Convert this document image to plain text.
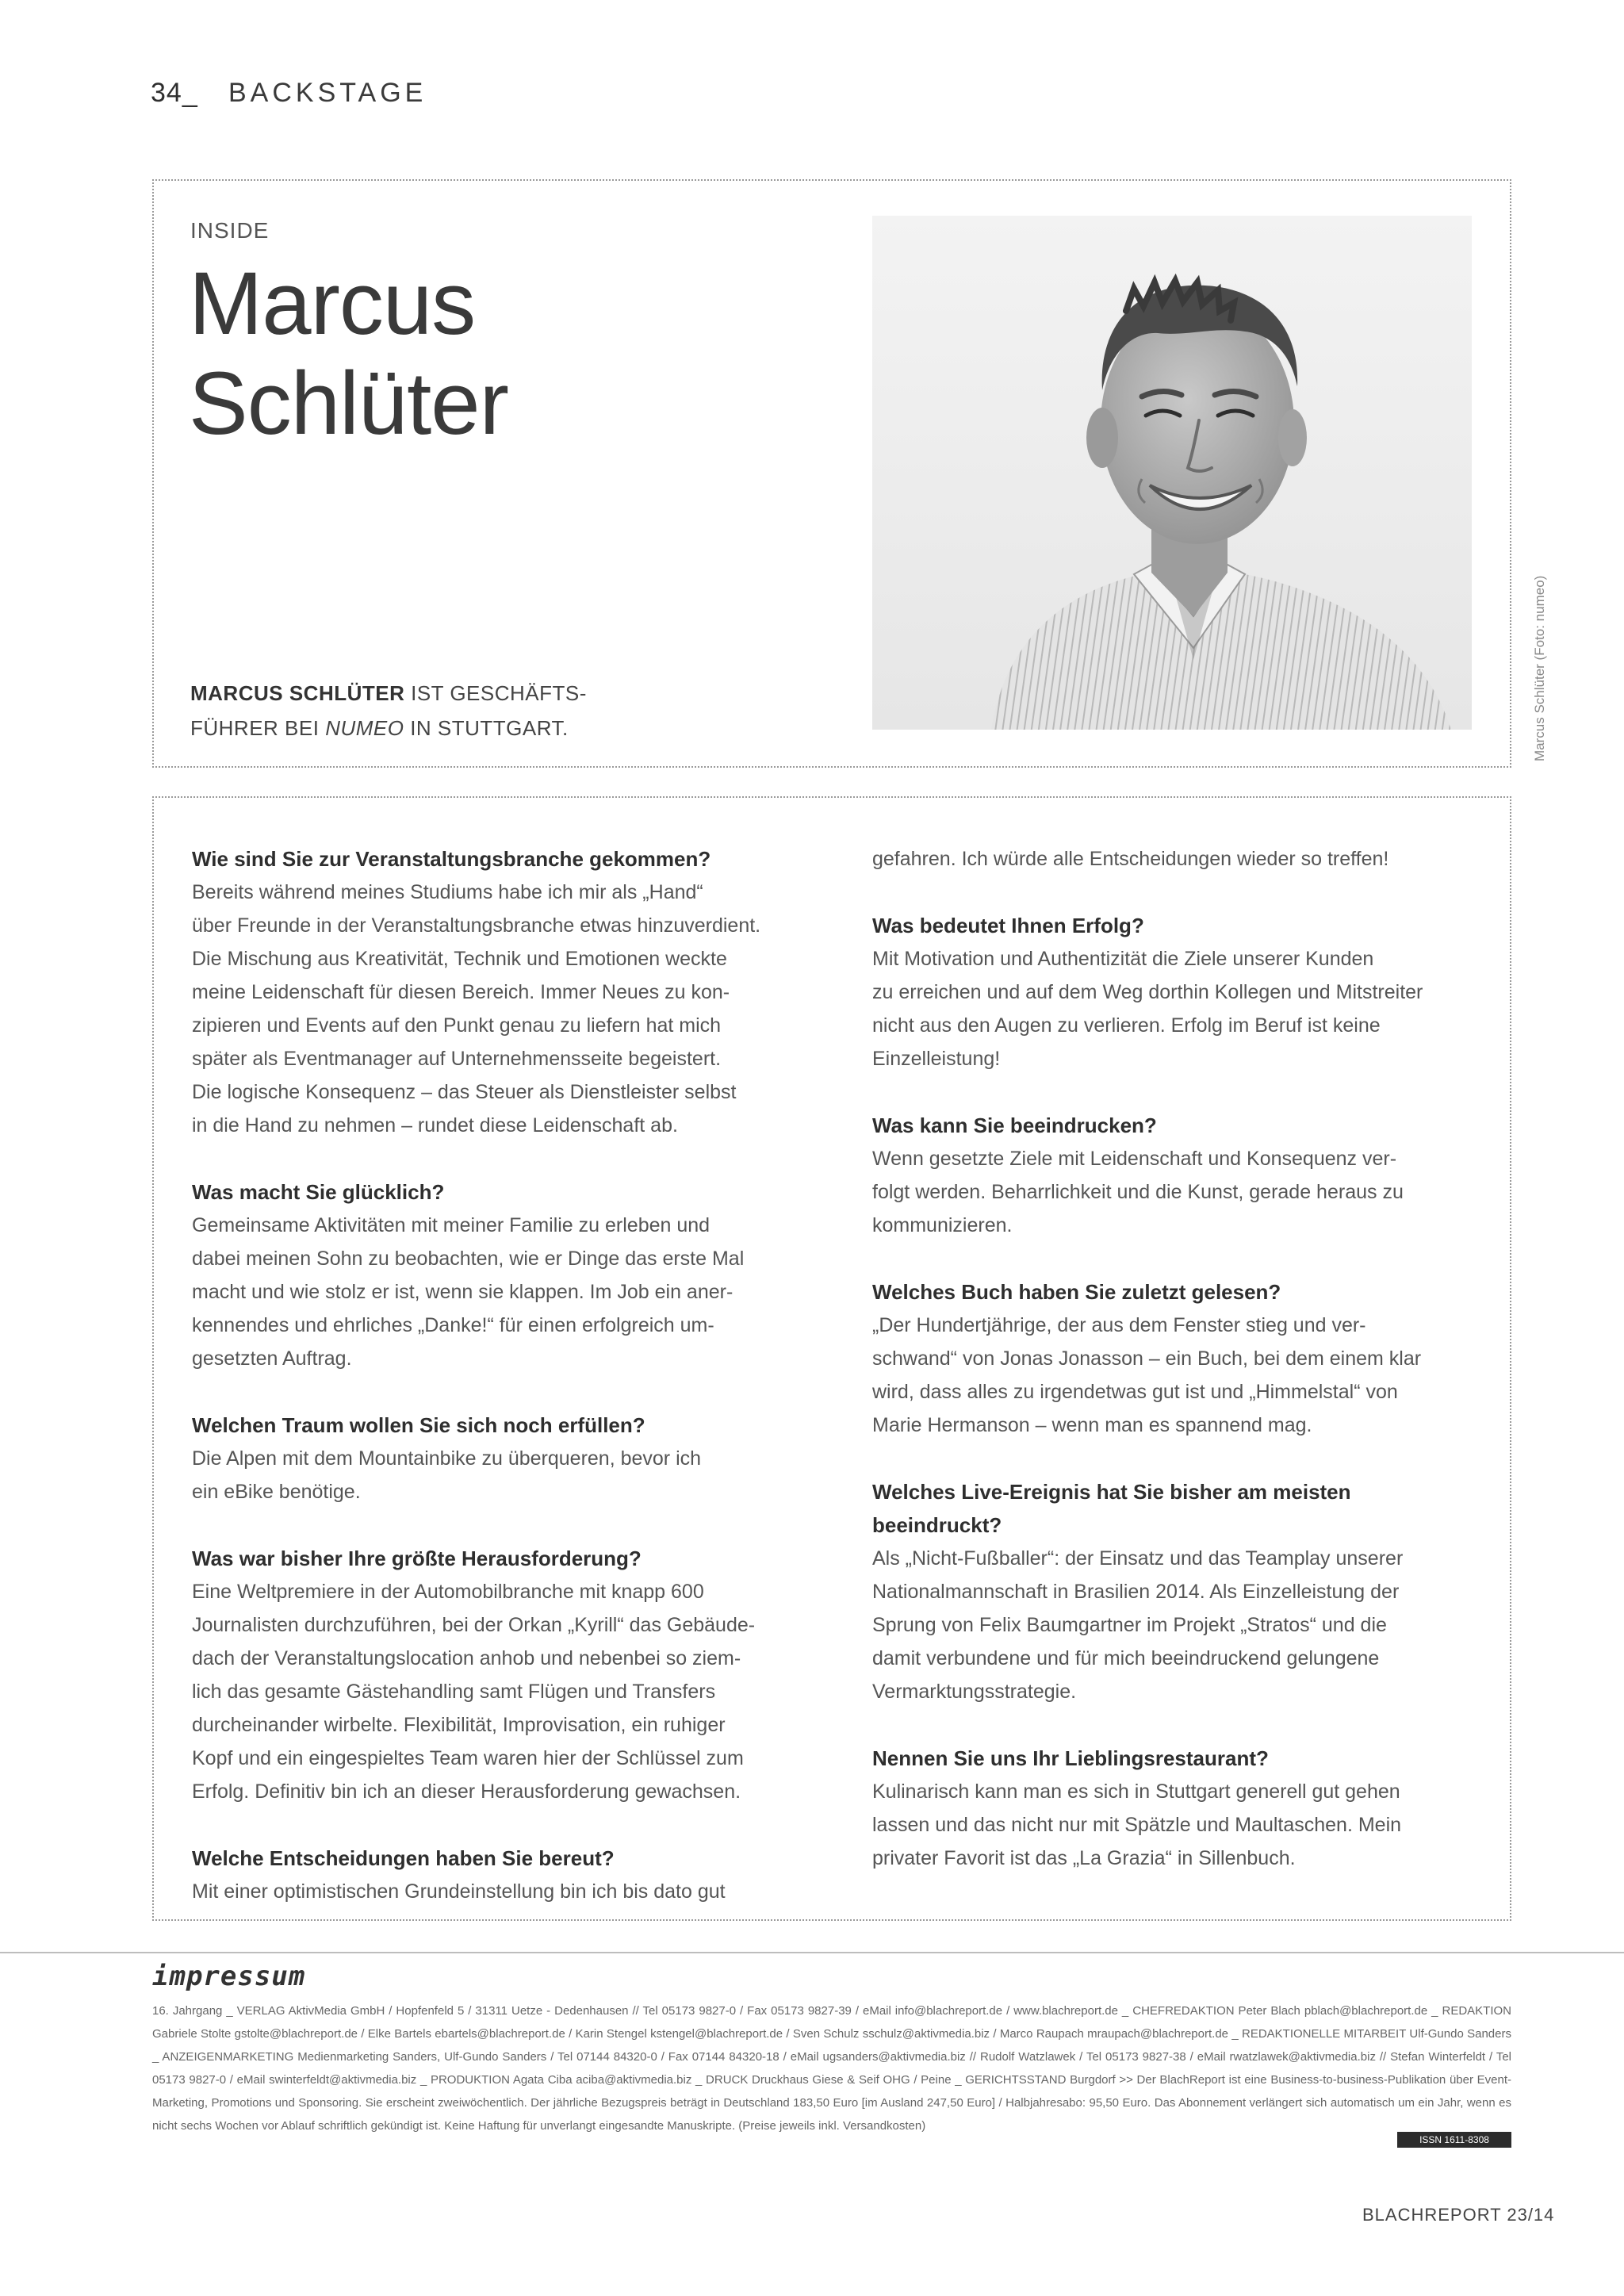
34_ BACKSTAGE
INSIDE
Marcus
Schlüter
MARCUS SCHLÜTER IST GESCHÄFTS-
FÜHRER BEI NUMEO IN STUTTGART.	Marcus Schlüter (Foto: numeo)
Wie sind Sie zur Veranstaltungsbranche gekommen?
Bereits während meines Studiums habe ich mir als „Hand“
über Freunde in der Veranstaltungsbranche etwas hinzuverdient.
Die Mischung aus Kreativität, Technik und Emotionen weckte
meine Leidenschaft für diesen Bereich. Immer Neues zu kon-
zipieren und Events auf den Punkt genau zu liefern hat mich
später als Eventmanager auf Unternehmensseite begeistert.
Die logische Konsequenz – das Steuer als Dienstleister selbst
in die Hand zu nehmen – rundet diese Leidenschaft ab.
Was macht Sie glücklich?
Gemeinsame Aktivitäten mit meiner Familie zu erleben und
dabei meinen Sohn zu beobachten, wie er Dinge das erste Mal
macht und wie stolz er ist, wenn sie klappen. Im Job ein aner-
kennendes und ehrliches „Danke!“ für einen erfolgreich um-
gesetzten Auftrag.
Welchen Traum wollen Sie sich noch erfüllen?
Die Alpen mit dem Mountainbike zu überqueren, bevor ich
ein eBike benötige.
Was war bisher Ihre größte Herausforderung?
Eine Weltpremiere in der Automobilbranche mit knapp 600
Journalisten durchzuführen, bei der Orkan „Kyrill“ das Gebäude-
dach der Veranstaltungslocation anhob und nebenbei so ziem-
lich das gesamte Gästehandling samt Flügen und Transfers
durcheinander wirbelte. Flexibilität, Improvisation, ein ruhiger
Kopf und ein eingespieltes Team waren hier der Schlüssel zum
Erfolg. Definitiv bin ich an dieser Herausforderung gewachsen.
Welche Entscheidungen haben Sie bereut?
Mit einer optimistischen Grundeinstellung bin ich bis dato gut
gefahren. Ich würde alle Entscheidungen wieder so treffen!
Was bedeutet Ihnen Erfolg?
Mit Motivation und Authentizität die Ziele unserer Kunden
zu erreichen und auf dem Weg dorthin Kollegen und Mitstreiter
nicht aus den Augen zu verlieren. Erfolg im Beruf ist keine
Einzelleistung!
Was kann Sie beeindrucken?
Wenn gesetzte Ziele mit Leidenschaft und Konsequenz ver-
folgt werden. Beharrlichkeit und die Kunst, gerade heraus zu
kommunizieren.
Welches Buch haben Sie zuletzt gelesen?
„Der Hundertjährige, der aus dem Fenster stieg und ver-
schwand“ von Jonas Jonasson – ein Buch, bei dem einem klar
wird, dass alles zu irgendetwas gut ist und „Himmelstal“ von
Marie Hermanson – wenn man es spannend mag.
Welches Live-Ereignis hat Sie bisher am meisten beeindruckt?
Als „Nicht-Fußballer“: der Einsatz und das Teamplay unserer
Nationalmannschaft in Brasilien 2014. Als Einzelleistung der
Sprung von Felix Baumgartner im Projekt „Stratos“ und die
damit verbundene und für mich beeindruckend gelungene
Vermarktungsstrategie.
Nennen Sie uns Ihr Lieblingsrestaurant?
Kulinarisch kann man es sich in Stuttgart generell gut gehen
lassen und das nicht nur mit Spätzle und Maultaschen. Mein
privater Favorit ist das „La Grazia“ in Sillenbuch.
impressum
16. Jahrgang _ VERLAG AktivMedia GmbH / Hopfenfeld 5 / 31311 Uetze - Dedenhausen // Tel 05173 9827-0 / Fax 05173 9827-39 / eMail info@blachreport.de / www.blachreport.de _ CHEFREDAKTION Peter Blach pblach@blachreport.de _ REDAKTION Gabriele Stolte gstolte@blachreport.de / Elke Bartels ebartels@blachreport.de / Karin Stengel kstengel@blachreport.de / Sven Schulz sschulz@aktivmedia.biz / Marco Raupach mraupach@blachreport.de _ REDAKTIONELLE MITARBEIT Ulf-Gundo Sanders _ ANZEIGENMARKETING Medienmarketing Sanders, Ulf-Gundo Sanders / Tel 07144 84320-0 / Fax 07144 84320-18 / eMail ugsanders@aktivmedia.biz // Rudolf Watzlawek / Tel 05173 9827-38 / eMail rwatzlawek@aktivmedia.biz // Stefan Winterfeldt / Tel 05173 9827-0 / eMail swinterfeldt@aktivmedia.biz _ PRODUKTION Agata Ciba aciba@aktivmedia.biz _ DRUCK Druckhaus Giese & Seif OHG / Peine _ GERICHTSSTAND Burgdorf >> Der BlachReport ist eine Business-to-business-Publikation über Event-Marketing, Promotions und Sponsoring. Sie erscheint zweiwöchentlich. Der jährliche Bezugspreis beträgt in Deutschland 183,50 Euro [im Ausland 247,50 Euro] / Halbjahresabo: 95,50 Euro. Das Abonnement verlängert sich automatisch um ein Jahr, wenn es nicht sechs Wochen vor Ablauf schriftlich gekündigt ist. Keine Haftung für unverlangt eingesandte Manuskripte. (Preise jeweils inkl. Versandkosten)
ISSN 1611-8308
BLACHREPORT 23/14
